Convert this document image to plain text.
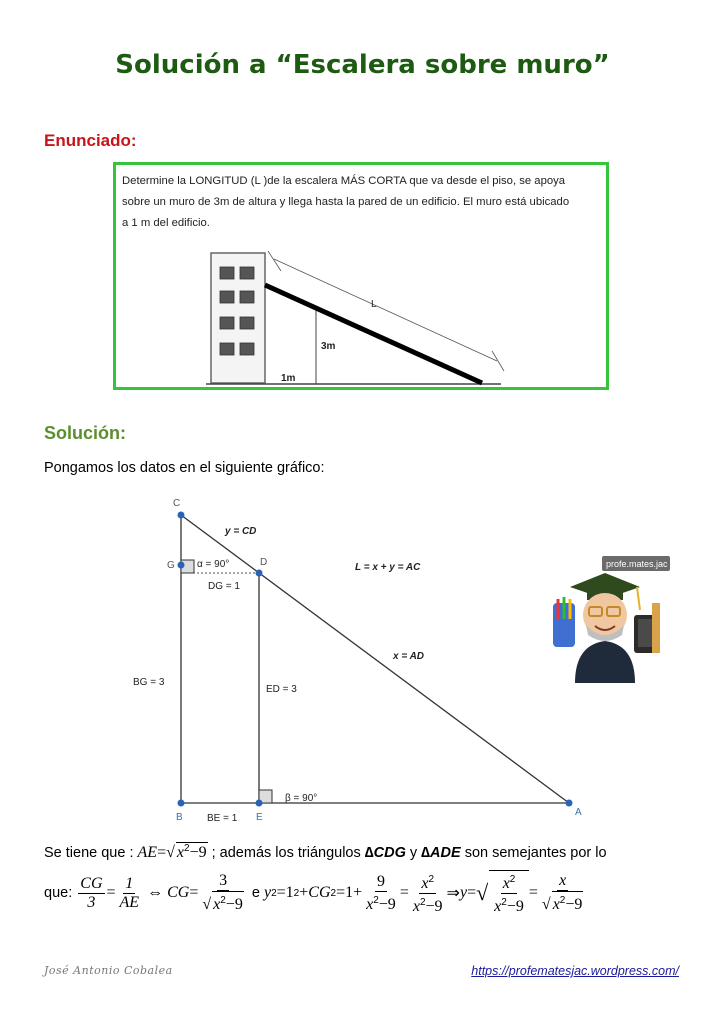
Solución a “Escalera sobre muro”
Enunciado:
Determine la LONGITUD (L )de la escalera MÁS CORTA que va desde el piso, se apoya
sobre un muro de 3m de altura y llega hasta la pared de un edificio. El muro está ubicado
a 1 m del edificio.
L
3m
1m
Solución:
Pongamos los datos en el siguiente gráfico:
C
G	D
B	E	A
y = CD
L = x + y = AC
x = AD
α = 90°
DG = 1
BG = 3
ED = 3
β = 90°
BE = 1
profe.mates.jac
Se tiene que : AE=√ $x^2-9$ ; además los triángulos ∆CDG y ∆ADE son semejantes por lo
que:
$\frac{CG}{3} = \frac{1}{AE}$ ⇔ CG = $\frac{3}{√ x^2-9}$
e
y 2 =1 2 + CG $2 =1+ \frac{9}{x^2-9} = \frac{x^2}{x^2-9}$ ⇒ y = √ $\frac{x^2}{x^2-9} = \frac{x}{√ x^2-9}$
José Antonio Cobalea	https://profematesjac.wordpress.com/
